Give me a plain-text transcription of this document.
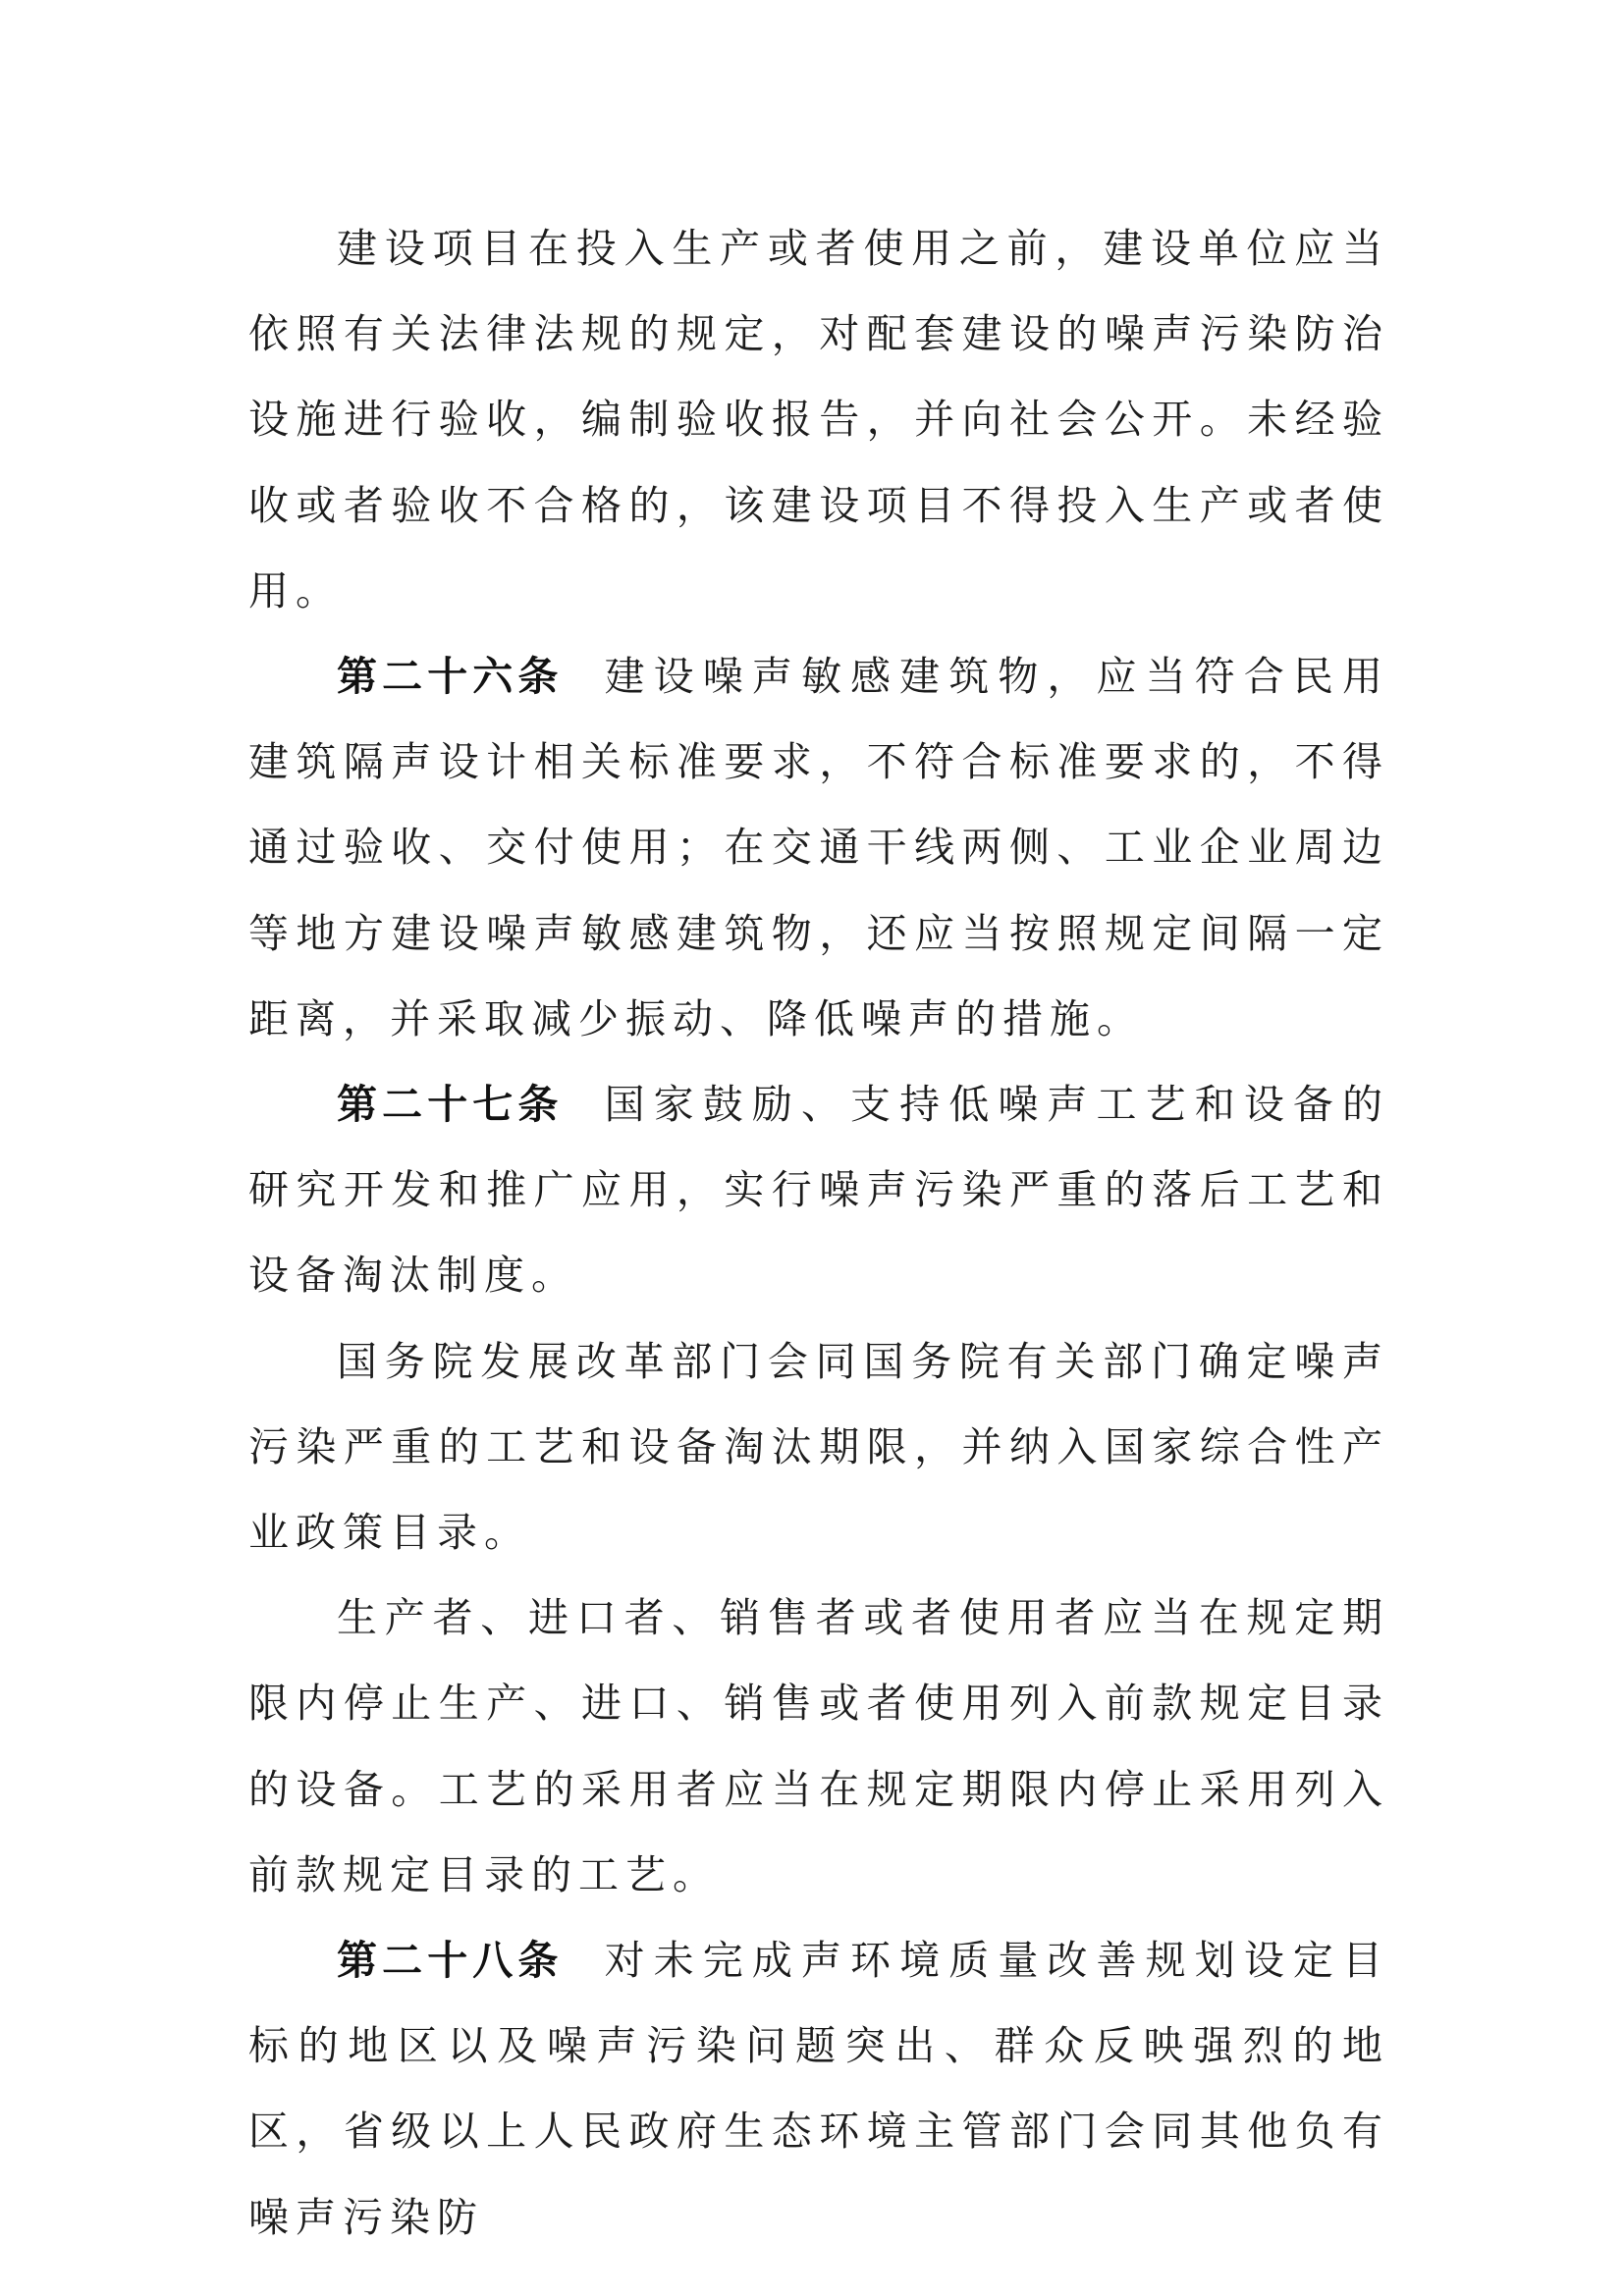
建设项目在投入生产或者使用之前，建设单位应当依照有关法律法规的规定，对配套建设的噪声污染防治设施进行验收，编制验收报告，并向社会公开。未经验收或者验收不合格的，该建设项目不得投入生产或者使用。

第二十六条 建设噪声敏感建筑物，应当符合民用建筑隔声设计相关标准要求，不符合标准要求的，不得通过验收、交付使用；在交通干线两侧、工业企业周边等地方建设噪声敏感建筑物，还应当按照规定间隔一定距离，并采取减少振动、降低噪声的措施。

第二十七条 国家鼓励、支持低噪声工艺和设备的研究开发和推广应用，实行噪声污染严重的落后工艺和设备淘汰制度。

国务院发展改革部门会同国务院有关部门确定噪声污染严重的工艺和设备淘汰期限，并纳入国家综合性产业政策目录。

生产者、进口者、销售者或者使用者应当在规定期限内停止生产、进口、销售或者使用列入前款规定目录的设备。工艺的采用者应当在规定期限内停止采用列入前款规定目录的工艺。

第二十八条 对未完成声环境质量改善规划设定目标的地区以及噪声污染问题突出、群众反映强烈的地区，省级以上人民政府生态环境主管部门会同其他负有噪声污染防
